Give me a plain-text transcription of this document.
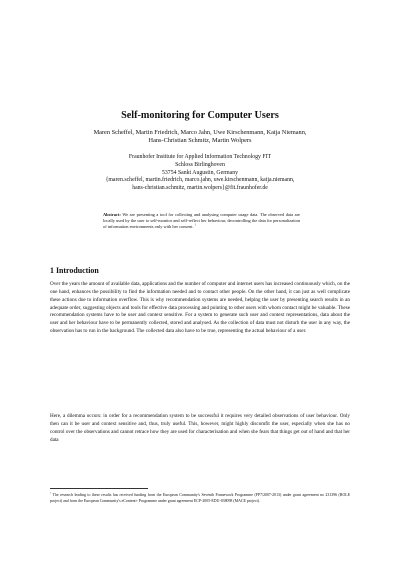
Self-monitoring for Computer Users
Maren Scheffel, Martin Friedrich, Marco Jahn, Uwe Kirschenmann, Katja Niemann,
Hans-Christian Schmitz, Martin Wolpers
Fraunhofer Institute for Applied Information Technology FIT
Schloss Birlinghoven
53754 Sankt Augustin, Germany
{maren.scheffel, martin.friedrich, marco.jahn, uwe.kirschenmann, katja.niemann,
hans-christian.schmitz, martin.wolpers}@fit.fraunhofer.de
Abstract: We are presenting a tool for collecting and analysing computer usage data. The observed data are locally used by the user to self-monitor and self-reflect her behaviour, decontrolling the data for personalization of information environments only with her consent. $^1$
1 Introduction
Over the years the amount of available data, applications and the number of computer and internet users has increased continuously which, on the one hand, enhances the possibility to find the information needed and to contact other people. On the other hand, it can just as well complicate these actions due to information overflow. This is why recommendation systems are needed, helping the user by presenting search results in an adequate order, suggesting objects and tools for effective data processing and pointing to other users with whom contact might be valuable. These recommendation systems have to be user and context sensitive. For a system to generate such user and context representations, data about the user and her behaviour have to be permanently collected, stored and analysed. As the collection of data must not disturb the user in any way, the observation has to run in the background. The collected data also have to be true, representing the actual behaviour of a user.
Here, a dilemma occurs: in order for a recommendation system to be successful it requires very detailed observations of user behaviour. Only then can it be user and context sensitive and, thus, truly useful. This, however, might highly discomfit the user, especially when she has no control over the observations and cannot retrace how they are used for characterisation and when she fears that things get out of hand and that her data
$^1$ The research leading to these results has received funding from the European Community's Seventh Framework Programme (FP7/2007-2013) under grant agreement no 231396 (ROLE project) and from the European Community's eContent+ Programme under grant agreement ECP-2005-EDU-038098 (MACE project).
